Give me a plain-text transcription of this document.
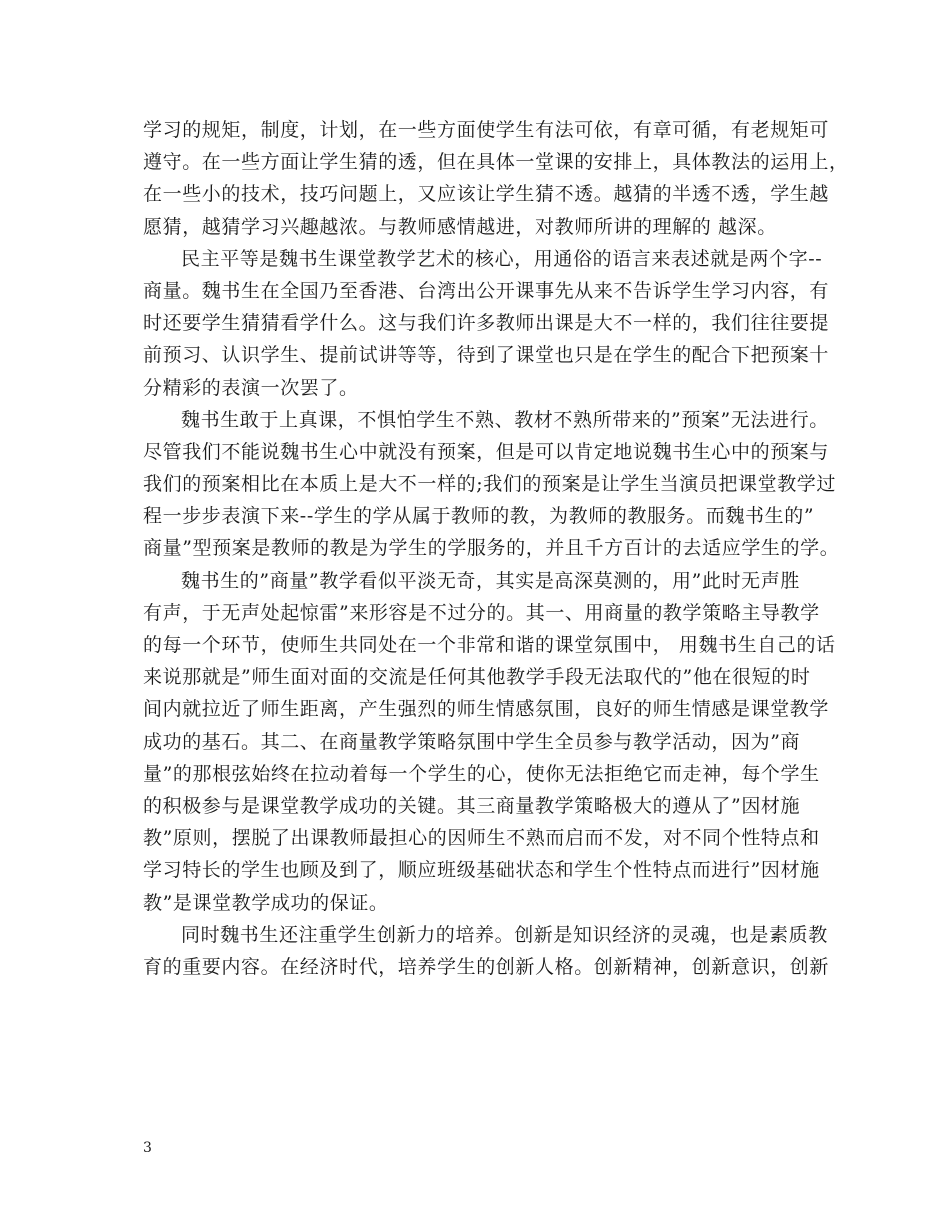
学习的规矩，制度，计划，在一些方面使学生有法可依，有章可循，有老规矩可
遵守。在一些方面让学生猜的透，但在具体一堂课的安排上，具体教法的运用上，
在一些小的技术，技巧问题上，又应该让学生猜不透。越猜的半透不透，学生越
愿猜，越猜学习兴趣越浓。与教师感情越进，对教师所讲的理解的 越深。
民主平等是魏书生课堂教学艺术的核心，用通俗的语言来表述就是两个字--
商量。魏书生在全国乃至香港、台湾出公开课事先从来不告诉学生学习内容，有
时还要学生猜猜看学什么。这与我们许多教师出课是大不一样的，我们往往要提
前预习、认识学生、提前试讲等等，待到了课堂也只是在学生的配合下把预案十
分精彩的表演一次罢了。
魏书生敢于上真课，不惧怕学生不熟、教材不熟所带来的”预案”无法进行。
尽管我们不能说魏书生心中就没有预案，但是可以肯定地说魏书生心中的预案与
我们的预案相比在本质上是大不一样的;我们的预案是让学生当演员把课堂教学过
程一步步表演下来--学生的学从属于教师的教，为教师的教服务。而魏书生的”
商量”型预案是教师的教是为学生的学服务的，并且千方百计的去适应学生的学。
魏书生的”商量”教学看似平淡无奇，其实是高深莫测的，用”此时无声胜
有声，于无声处起惊雷”来形容是不过分的。其一、用商量的教学策略主导教学
的每一个环节，使师生共同处在一个非常和谐的课堂氛围中， 用魏书生自己的话
来说那就是”师生面对面的交流是任何其他教学手段无法取代的”他在很短的时
间内就拉近了师生距离，产生强烈的师生情感氛围，良好的师生情感是课堂教学
成功的基石。其二、在商量教学策略氛围中学生全员参与教学活动，因为”商
量”的那根弦始终在拉动着每一个学生的心，使你无法拒绝它而走神，每个学生
的积极参与是课堂教学成功的关键。其三商量教学策略极大的遵从了”因材施
教”原则，摆脱了出课教师最担心的因师生不熟而启而不发，对不同个性特点和
学习特长的学生也顾及到了，顺应班级基础状态和学生个性特点而进行”因材施
教”是课堂教学成功的保证。
同时魏书生还注重学生创新力的培养。创新是知识经济的灵魂，也是素质教
育的重要内容。在经济时代，培养学生的创新人格。创新精神，创新意识，创新
3
